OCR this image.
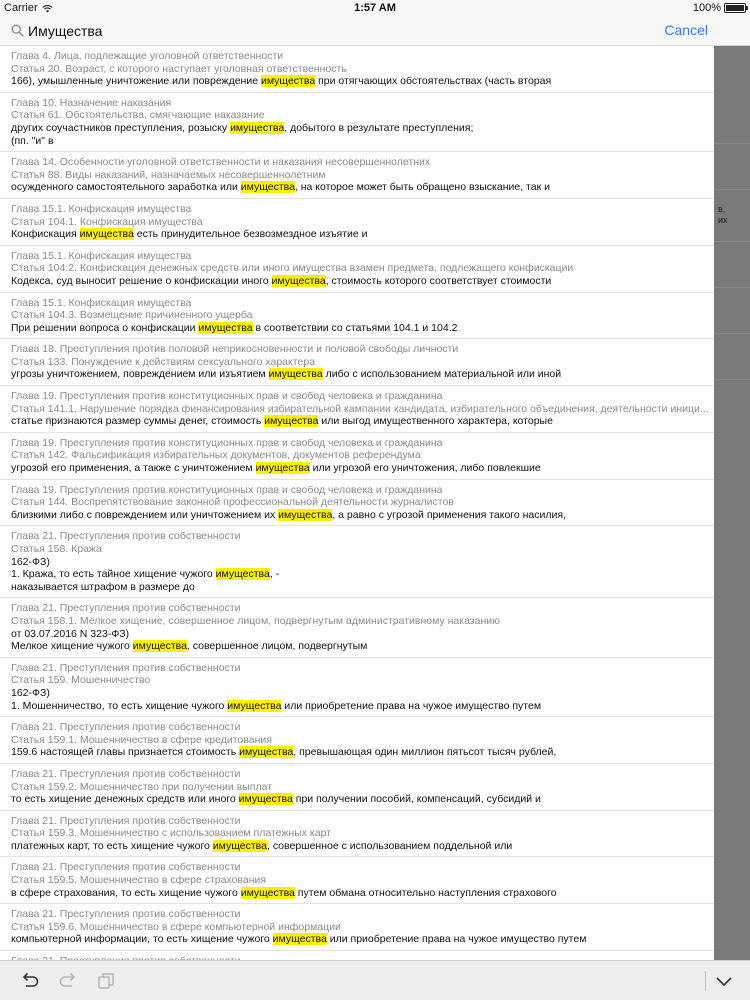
Carrier	1:57 AM	100%
Имущества
Cancel
Глава 4. Лица, подлежащие уголовной ответственности
Статья 20. Возраст, с которого наступает уголовная ответственность
166), умышленные уничтожение или повреждение имущества при отягчающих обстоятельствах (часть вторая
Глава 10. Назначение наказания
Статья 61. Обстоятельства, смягчающие наказание
других соучастников преступления, розыску имущества, добытого в результате преступления;
(пп. "и" в
Глава 14. Особенности уголовной ответственности и наказания несовершеннолетних
Статья 88. Виды наказаний, назначаемых несовершеннолетним
осужденного самостоятельного заработка или имущества, на которое может быть обращено взыскание, так и
Глава 15.1. Конфискация имущества
Статья 104.1. Конфискация имущества
Конфискация имущества есть принудительное безвозмездное изъятие и
Глава 15.1. Конфискация имущества
Статья 104.2. Конфискация денежных средств или иного имущества взамен предмета, подлежащего конфискации
Кодекса, суд выносит решение о конфискации иного имущества, стоимость которого соответствует стоимости
Глава 15.1. Конфискация имущества
Статья 104.3. Возмещение причиненного ущерба
При решении вопроса о конфискации имущества в соответствии со статьями 104.1 и 104.2
Глава 18. Преступления против половой неприкосновенности и половой свободы личности
Статья 133. Понуждение к действиям сексуального характера
угрозы уничтожением, повреждением или изъятием имущества либо с использованием материальной или иной
Глава 19. Преступления против конституционных прав и свобод человека и гражданина
Статья 141.1. Нарушение порядка финансирования избирательной кампании кандидата, избирательного объединения, деятельности иници...
статье признаются размер суммы денег, стоимость имущества или выгод имущественного характера, которые
Глава 19. Преступления против конституционных прав и свобод человека и гражданина
Статья 142. Фальсификация избирательных документов, документов референдума
угрозой его применения, а также с уничтожением имущества или угрозой его уничтожения, либо повлекшие
Глава 19. Преступления против конституционных прав и свобод человека и гражданина
Статья 144. Воспрепятствование законной профессиональной деятельности журналистов
близкими либо с повреждением или уничтожением их имущества, а равно с угрозой применения такого насилия,
Глава 21. Преступления против собственности
Статья 158. Кража
162-ФЗ)
1. Кража, то есть тайное хищение чужого имущества, -
наказывается штрафом в размере до
Глава 21. Преступления против собственности
Статья 158.1. Мелкое хищение, совершенное лицом, подвергнутым административному наказанию
от 03.07.2016 N 323-ФЗ)
Мелкое хищение чужого имущества, совершенное лицом, подвергнутым
Глава 21. Преступления против собственности
Статья 159. Мошенничество
162-ФЗ)
1. Мошенничество, то есть хищение чужого имущества или приобретение права на чужое имущество путем
Глава 21. Преступления против собственности
Статья 159.1. Мошенничество в сфере кредитования
159.6 настоящей главы признается стоимость имущества, превышающая один миллион пятьсот тысяч рублей,
Глава 21. Преступления против собственности
Статья 159.2. Мошенничество при получении выплат
то есть хищение денежных средств или иного имущества при получении пособий, компенсаций, субсидий и
Глава 21. Преступления против собственности
Статья 159.3. Мошенничество с использованием платежных карт
платежных карт, то есть хищение чужого имущества, совершенное с использованием поддельной или
Глава 21. Преступления против собственности
Статья 159.5. Мошенничество в сфере страхования
в сфере страхования, то есть хищение чужого имущества путем обмана относительно наступления страхового
Глава 21. Преступления против собственности
Статья 159.6. Мошенничество в сфере компьютерной информации
компьютерной информации, то есть хищение чужого имущества или приобретение права на чужое имущество путем
в,
их
